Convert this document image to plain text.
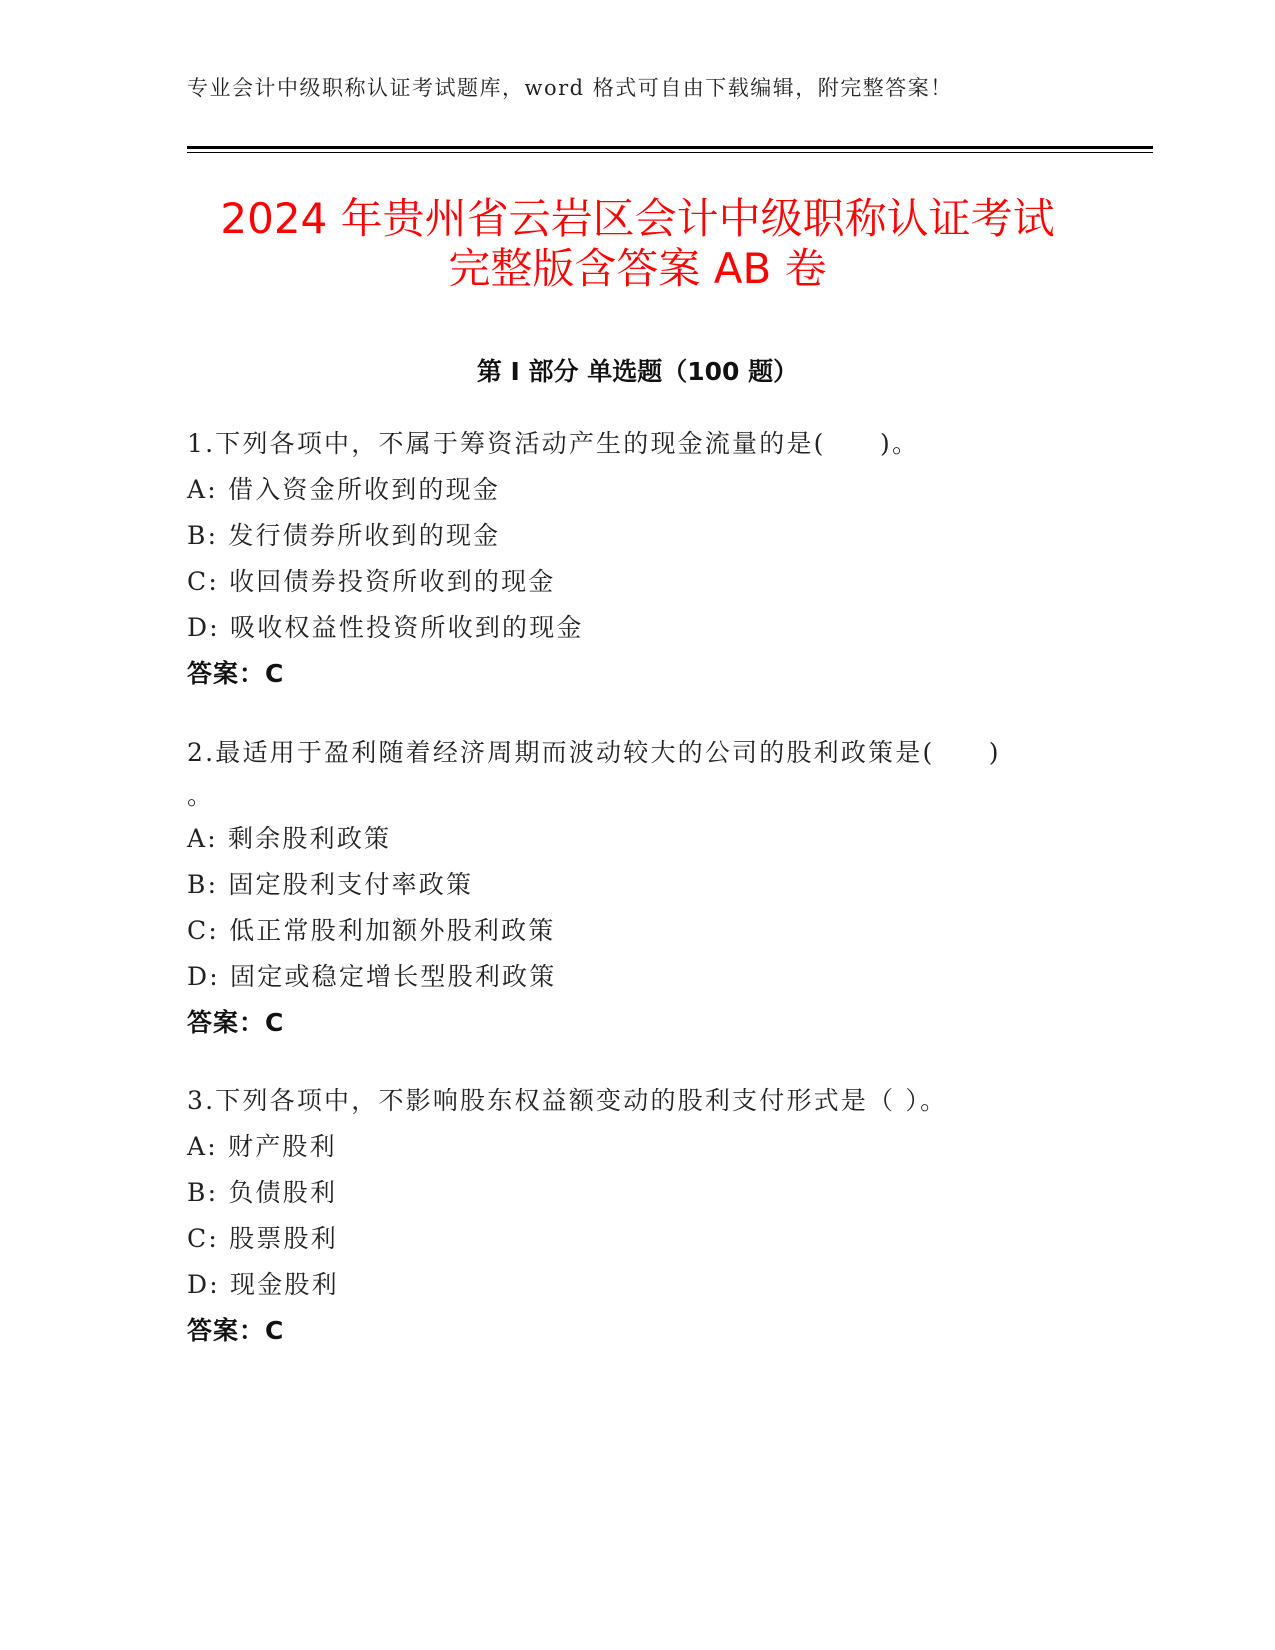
专业会计中级职称认证考试题库，word 格式可自由下载编辑，附完整答案！
2024 年贵州省云岩区会计中级职称认证考试
完整版含答案 AB 卷
第 I 部分 单选题（100 题）
1.下列各项中，不属于筹资活动产生的现金流量的是(　　)。
A: 借入资金所收到的现金
B: 发行债券所收到的现金
C: 收回债券投资所收到的现金
D: 吸收权益性投资所收到的现金
答案：C
2.最适用于盈利随着经济周期而波动较大的公司的股利政策是(　　)
。
A: 剩余股利政策
B: 固定股利支付率政策
C: 低正常股利加额外股利政策
D: 固定或稳定增长型股利政策
答案：C
3.下列各项中，不影响股东权益额变动的股利支付形式是（ ）。
A: 财产股利
B: 负债股利
C: 股票股利
D: 现金股利
答案：C
